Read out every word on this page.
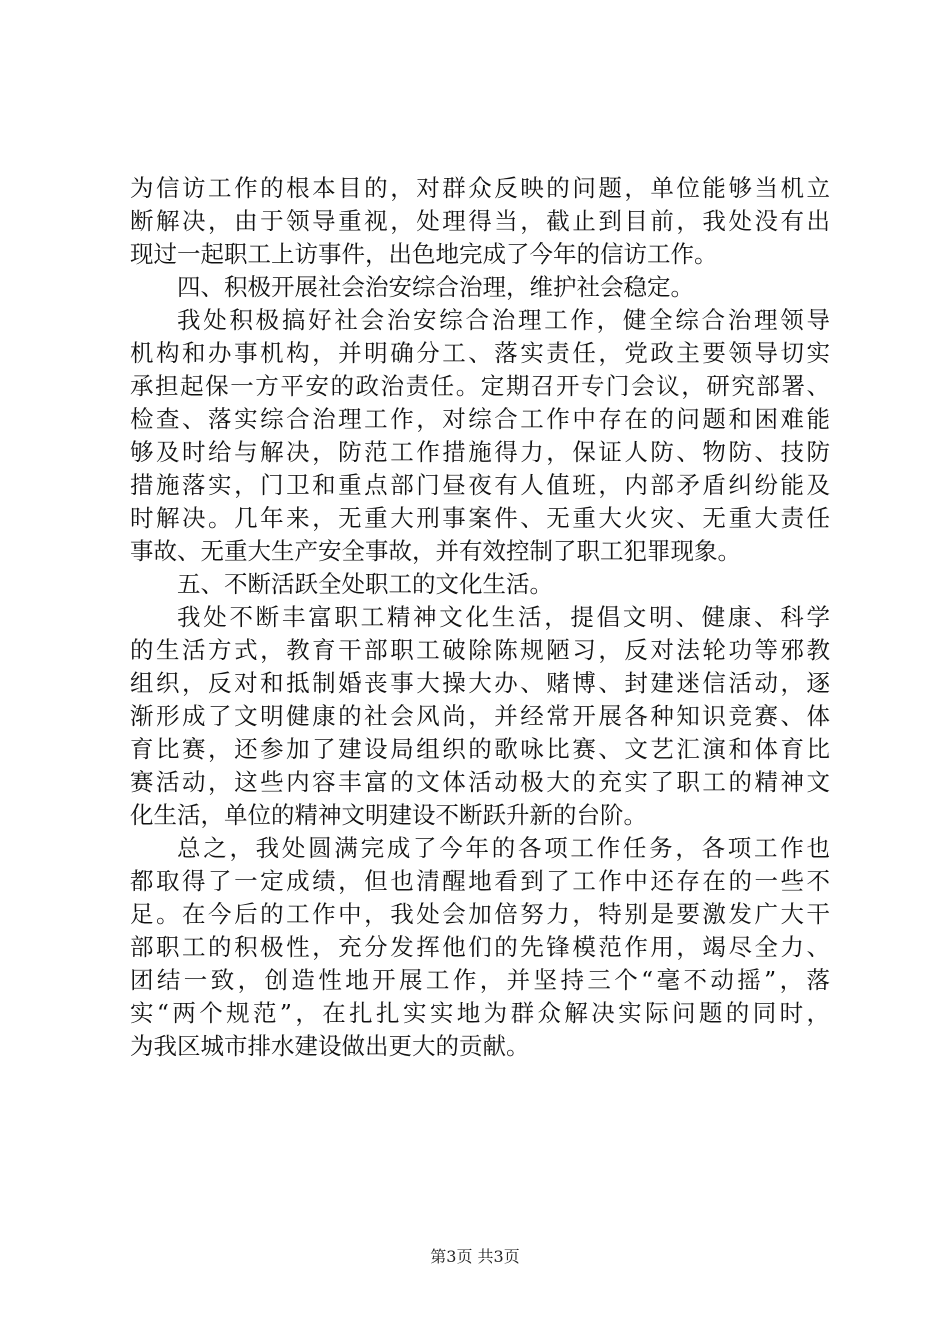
为信访工作的根本目的，对群众反映的问题，单位能够当机立
断解决，由于领导重视，处理得当，截止到目前，我处没有出
现过一起职工上访事件，出色地完成了今年的信访工作。
四、积极开展社会治安综合治理，维护社会稳定。
我处积极搞好社会治安综合治理工作，健全综合治理领导
机构和办事机构，并明确分工、落实责任，党政主要领导切实
承担起保一方平安的政治责任。定期召开专门会议，研究部署、
检查、落实综合治理工作，对综合工作中存在的问题和困难能
够及时给与解决，防范工作措施得力，保证人防、物防、技防
措施落实，门卫和重点部门昼夜有人值班，内部矛盾纠纷能及
时解决。几年来，无重大刑事案件、无重大火灾、无重大责任
事故、无重大生产安全事故，并有效控制了职工犯罪现象。
五、不断活跃全处职工的文化生活。
我处不断丰富职工精神文化生活，提倡文明、健康、科学
的生活方式，教育干部职工破除陈规陋习，反对法轮功等邪教
组织，反对和抵制婚丧事大操大办、赌博、封建迷信活动，逐
渐形成了文明健康的社会风尚，并经常开展各种知识竞赛、体
育比赛，还参加了建设局组织的歌咏比赛、文艺汇演和体育比
赛活动，这些内容丰富的文体活动极大的充实了职工的精神文
化生活，单位的精神文明建设不断跃升新的台阶。
总之，我处圆满完成了今年的各项工作任务，各项工作也
都取得了一定成绩，但也清醒地看到了工作中还存在的一些不
足。在今后的工作中，我处会加倍努力，特别是要激发广大干
部职工的积极性，充分发挥他们的先锋模范作用，竭尽全力、
团结一致，创造性地开展工作，并坚持三个“毫不动摇”，落
实“两个规范”，在扎扎实实地为群众解决实际问题的同时，
为我区城市排水建设做出更大的贡献。
第3页 共3页
